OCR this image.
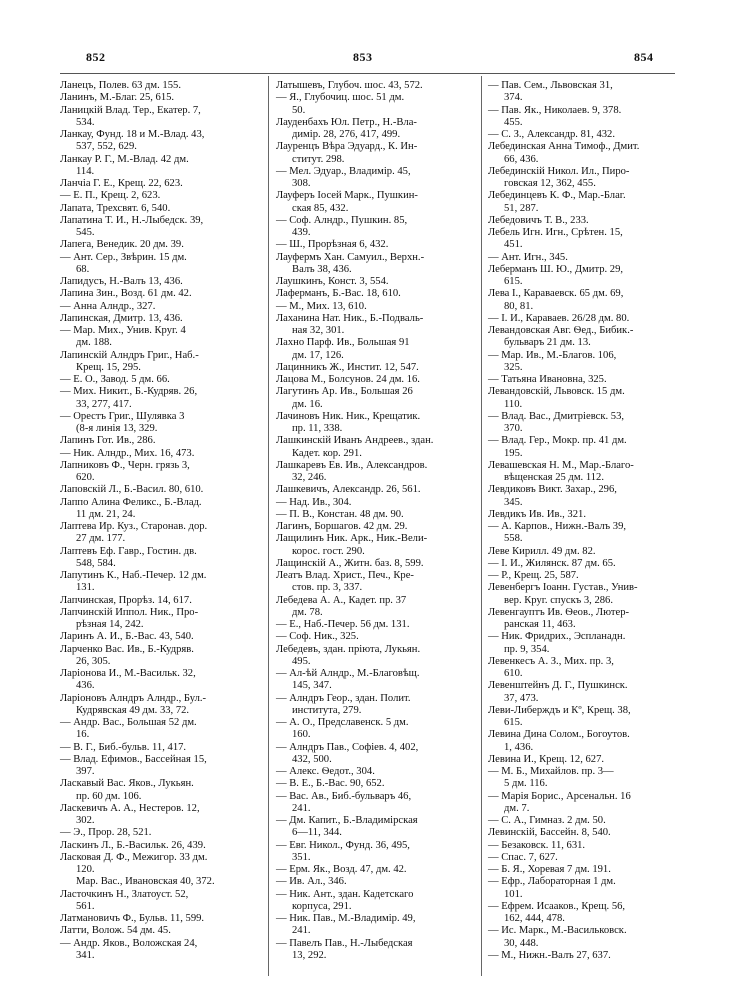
852	853	854
Ланецъ, Полев. 63 дм. 155.
Ланинъ, М.-Благ. 25, 615.
Ланицкій Влад. Тер., Екатер. 7,
534.
Ланкау, Фунд. 18 и М.-Влад. 43,
537, 552, 629.
Ланкау Р. Г., М.-Влад. 42 дм.
114.
Ланчіа Г. Е., Крещ. 22, 623.
— Е. П., Крещ. 2, 623.
Лапата, Трехсвят. 6, 540.
Лапатина Т. И., Н.-Лыбедск. 39,
545.
Лапега, Венедик. 20 дм. 39.
— Ант. Сер., Звѣрин. 15 дм.
68.
Лапидусъ, Н.-Валъ 13, 436.
Лапина Зин., Возд. 61 дм. 42.
— Анна Алндр., 327.
Лапинская, Дмитр. 13, 436.
— Мар. Мих., Унив. Круг. 4
дм. 188.
Лапинскій Алндръ Григ., Наб.-
Крещ. 15, 295.
— Е. О., Завод. 5 дм. 66.
— Мих. Никит., Б.-Кудряв. 26,
33, 277, 417.
— Орестъ Григ., Шулявка 3
(8-я линія 13, 329.
Лапинъ Гот. Ив., 286.
— Ник. Алндр., Мих. 16, 473.
Лапниковъ Ф., Черн. грязь 3,
620.
Лаповскій Л., Б.-Васил. 80, 610.
Лаппо Алина Феликс., Б.-Влад.
11 дм. 21, 24.
Лаптева Ир. Куз., Старонав. дор.
27 дм. 177.
Лаптевъ Еф. Гавр., Гостин. дв.
548, 584.
Лапутинъ К., Наб.-Печер. 12 дм.
131.
Лапчинская, Прорѣз. 14, 617.
Лапчинскій Иппол. Ник., Про-
рѣзная 14, 242.
Ларинъ А. И., Б.-Вас. 43, 540.
Ларченко Вас. Ив., Б.-Кудряв.
26, 305.
Ларіонова И., М.-Васильк. 32,
436.
Ларіоновъ Алндръ Алндр., Бул.-
Кудрявская 49 дм. 33, 72.
— Андр. Вас., Большая 52 дм.
16.
— В. Г., Биб.-бульв. 11, 417.
— Влад. Ефимов., Бассейная 15,
397.
Ласкавый Вас. Яков., Лукьян.
пр. 60 дм. 106.
Ласкевичъ А. А., Нестеров. 12,
302.
— Э., Прор. 28, 521.
Ласкинъ Л., Б.-Васильк. 26, 439.
Ласковая Д. Ф., Межигор. 33 дм.
120.
Мар. Вас., Ивановская 40, 372.
Ласточкинъ Н., Златоуст. 52,
561.
Латмановичъ Ф., Бульв. 11, 599.
Латти, Волож. 54 дм. 45.
— Андр. Яков., Воложская 24,
341.
Латышевъ, Глубоч. шос. 43, 572.
— Я., Глубочиц. шос. 51 дм.
50.
Лауденбахъ Юл. Петр., Н.-Вла-
димір. 28, 276, 417, 499.
Лауренцъ Вѣра Эдуард., К. Ин-
ститут. 298.
— Мел. Эдуар., Владимір. 45,
308.
Лауферъ Іосей Марк., Пушкин-
ская 85, 432.
— Соф. Алндр., Пушкин. 85,
439.
— Ш., Прорѣзная 6, 432.
Лауфермъ Хан. Самуил., Верхн.-
Валъ 38, 436.
Лаушкинъ, Конст. 3, 554.
Лаферманъ, Б.-Вас. 18, 610.
— М., Мих. 13, 610.
Лаханина Нат. Ник., Б.-Подваль-
ная 32, 301.
Лахно Парф. Ив., Большая 91
дм. 17, 126.
Лацинникъ Ж., Инстит. 12, 547.
Лацова М., Болсунов. 24 дм. 16.
Лагутинъ Ар. Ив., Большая 26
дм. 16.
Лачиновъ Ник. Ник., Крещатик.
пр. 11, 338.
Лашкинскій Иванъ Андреев., здан.
Кадет. кор. 291.
Лашкаревъ Ев. Ив., Александров.
32, 246.
Лашкевичъ, Александр. 26, 561.
— Над. Ив., 304.
— П. В., Констан. 48 дм. 90.
Лагинъ, Боршагов. 42 дм. 29.
Лащилинъ Ник. Арк., Ник.-Вели-
корос. гост. 290.
Лащинскій А., Житн. баз. 8, 599.
Леатъ Влад. Христ., Печ., Кре-
стов. пр. 3, 337.
Лебедева А. А., Кадет. пр. 37
дм. 78.
— Е., Наб.-Печер. 56 дм. 131.
— Соф. Ник., 325.
Лебедевъ, здан. пріюта, Лукьян.
495.
— Ал-ѣй Алндр., М.-Благовѣщ.
145, 347.
— Алндръ Геор., здан. Полит.
института, 279.
— А. О., Предславенск. 5 дм.
160.
— Алндръ Пав., Софіев. 4, 402,
432, 500.
— Алекс. Ѳедот., 304.
— В. Е., Б.-Вас. 90, 652.
— Вас. Ав., Биб.-бульваръ 46,
241.
— Дм. Капит., Б.-Владимірская
6—11, 344.
— Евг. Никол., Фунд. 36, 495,
351.
— Ерм. Як., Возд. 47, дм. 42.
— Ив. Ал., 346.
— Ник. Ант., здан. Кадетскаго
корпуса, 291.
— Ник. Пав., М.-Владимір. 49,
241.
— Павелъ Пав., Н.-Лыбедская
13, 292.
— Пав. Сем., Львовская 31,
374.
— Пав. Як., Николаев. 9, 378.
455.
— С. З., Александр. 81, 432.
Лебединская Анна Тимоф., Дмит.
66, 436.
Лебединскій Никол. Ил., Пиро-
говская 12, 362, 455.
Лебединцевъ К. Ф., Мар.-Благ.
51, 287.
Лебедовичъ Т. В., 233.
Лебель Игн. Игн., Срѣтен. 15,
451.
— Ант. Игн., 345.
Леберманъ Ш. Ю., Дмитр. 29,
615.
Лева I., Караваевск. 65 дм. 69,
80, 81.
— I. И., Караваев. 26/28 дм. 80.
Левандовская Авг. Ѳед., Бибик.-
бульваръ 21 дм. 13.
— Мар. Ив., М.-Благов. 106,
325.
— Татьяна Ивановна, 325.
Левандовскій, Львовск. 15 дм.
110.
— Влад. Вас., Дмитріевск. 53,
370.
— Влад. Гер., Мокр. пр. 41 дм.
195.
Левашевская Н. М., Мар.-Благо-
вѣщенская 25 дм. 112.
Левдиковъ Викт. Захар., 296,
345.
Левдикъ Ив. Ив., 321.
— А. Карпов., Нижн.-Валъ 39,
558.
Леве Кирилл. 49 дм. 82.
— I. И., Жилянск. 87 дм. 65.
— Р., Крещ. 25, 587.
Левенбергъ Іоанн. Густав., Унив-
вер. Круг. спускъ 3, 286.
Левенгауптъ Ив. Ѳеов., Лютер-
ранская 11, 463.
— Ник. Фридрих., Эспланадн.
пр. 9, 354.
Левенкесъ А. З., Мих. пр. 3,
610.
Левенштейнъ Д. Г., Пушкинск.
37, 473.
Леви-Либерждъ и Кº, Крещ. 38,
615.
Левина Дина Солом., Богоутов.
1, 436.
Левина И., Крещ. 12, 627.
— М. Б., Михайлов. пр. 3—
5 дм. 116.
— Марія Борис., Арсенальн. 16
дм. 7.
— С. А., Гимназ. 2 дм. 50.
Левинскій, Бассейн. 8, 540.
— Безаковск. 11, 631.
— Спас. 7, 627.
— Б. Я., Хоревая 7 дм. 191.
— Ефр., Лабораторная 1 дм.
101.
— Ефрем. Исааков., Крещ. 56,
162, 444, 478.
— Ис. Марк., М.-Васильковск.
30, 448.
— М., Нижн.-Валъ 27, 637.
